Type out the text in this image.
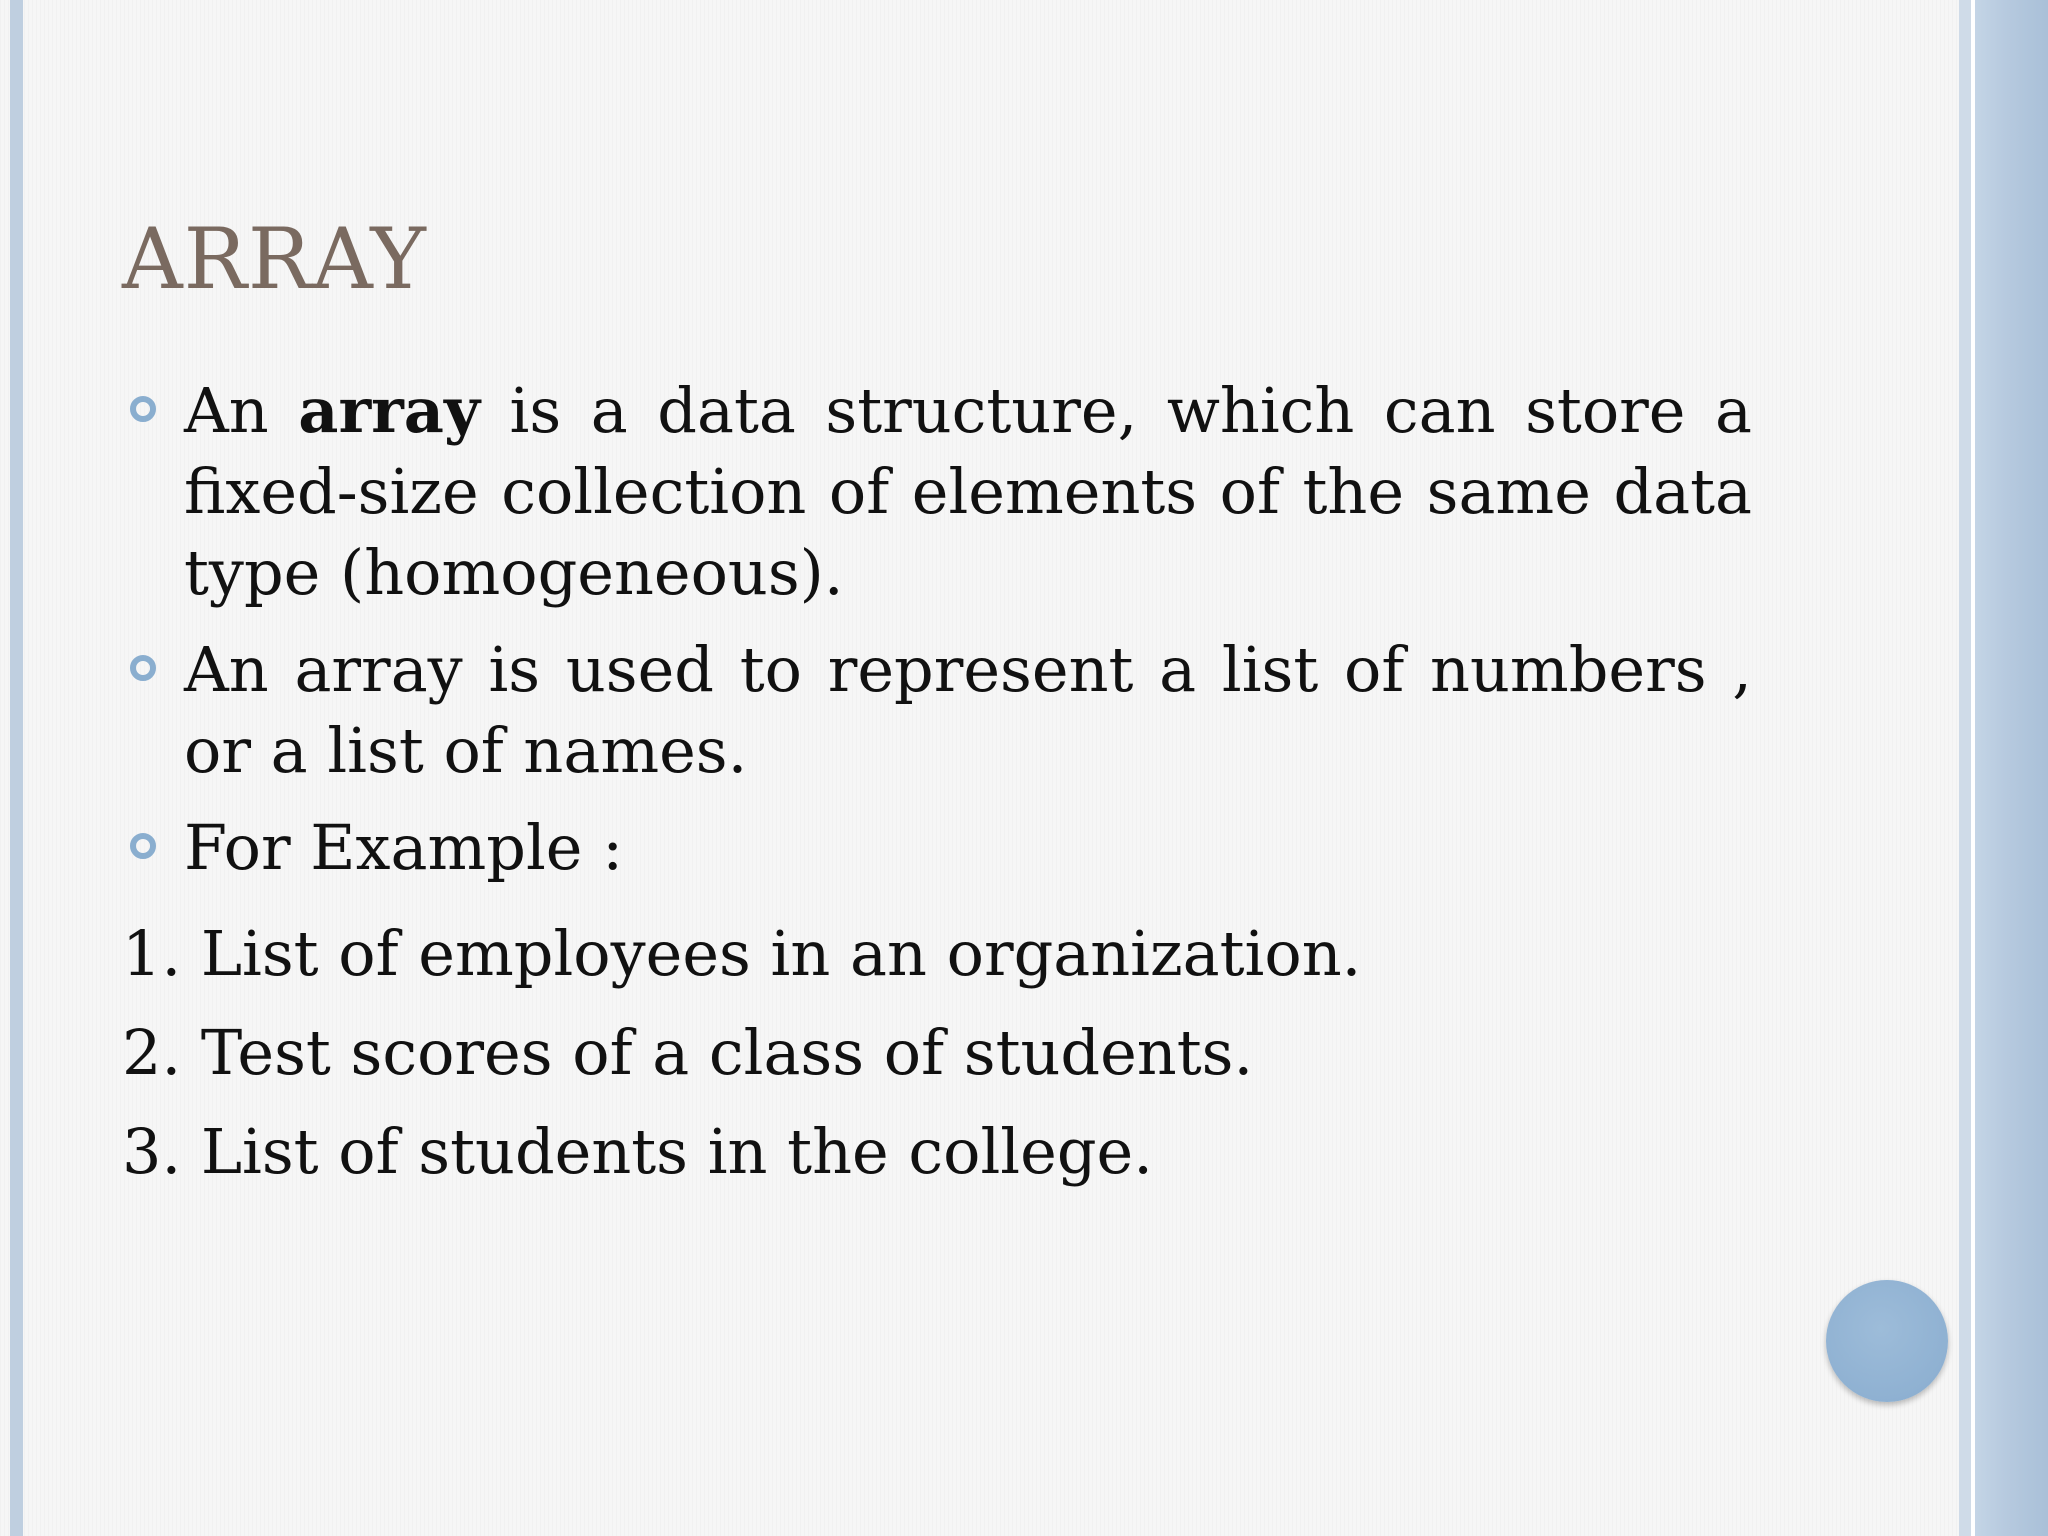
ARRAY
An array is a data structure, which can store a fixed-size collection of elements of the same data type (homogeneous).
An array is used to represent a list of numbers , or a list of names.
For Example :
1. List of employees in an organization.
2. Test scores of a class of students.
3. List of students in the college.
